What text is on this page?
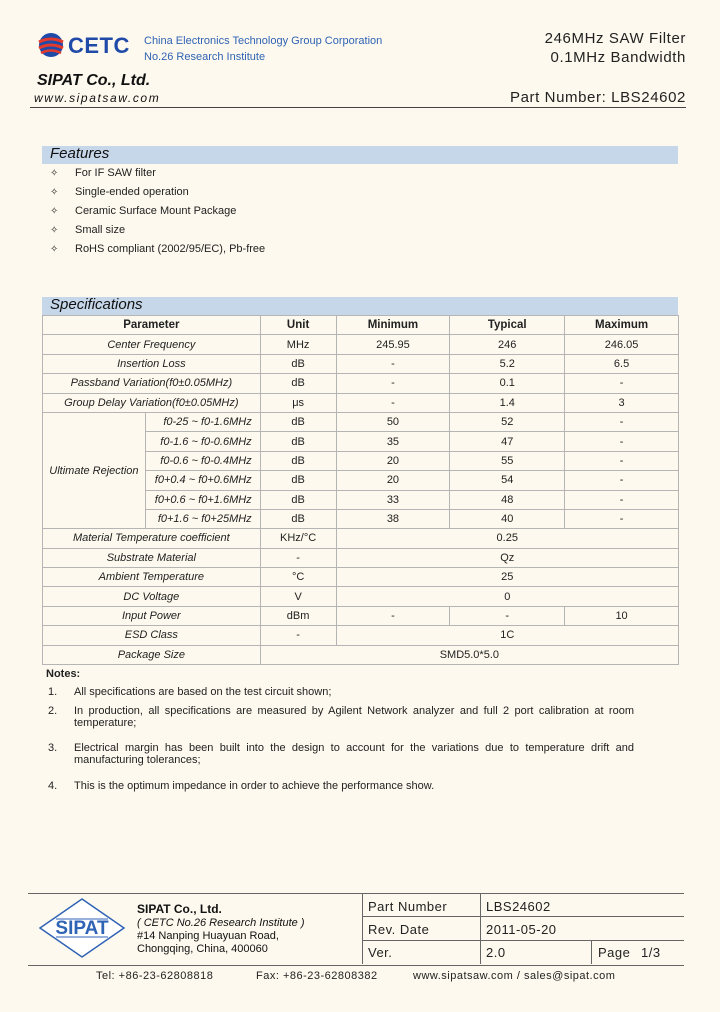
CETC China Electronics Technology Group Corporation
No.26 Research Institute
SIPAT Co., Ltd.
www.sipatsaw.com
246MHz SAW Filter
0.1MHz Bandwidth
Part Number: LBS24602
Features
✧ For IF SAW filter
✧ Single-ended operation
✧ Ceramic Surface Mount Package
✧ Small size
✧ RoHS compliant (2002/95/EC), Pb-free
Specifications
Parameter		Unit	Minimum	Typical	Maximum
Center Frequency		MHz	245.95	246	246.05
Insertion Loss		dB	-	5.2	6.5
Passband Variation(f0±0.05MHz)		dB	-	0.1	-
Group Delay Variation(f0±0.05MHz)		μs	-	1.4	3
Ultimate Rejection	f0-25 ~ f0-1.6MHz	dB	50	52	-
	f0-1.6 ~ f0-0.6MHz	dB	35	47	-
	f0-0.6 ~ f0-0.4MHz	dB	20	55	-
	f0+0.4 ~ f0+0.6MHz	dB	20	54	-
	f0+0.6 ~ f0+1.6MHz	dB	33	48	-
	f0+1.6 ~ f0+25MHz	dB	38	40	-
Material Temperature coefficient		KHz/°C	0.25		
Substrate Material		-	Qz		
Ambient Temperature		°C	25		
DC Voltage		V	0		
Input Power		dBm	-	-	10
ESD Class		-	1C		
Package Size		SMD5.0*5.0			
Notes:
1. All specifications are based on the test circuit shown;
2. In production, all specifications are measured by Agilent Network analyzer and full 2 port calibration at room
temperature;
3. Electrical margin has been built into the design to account for the variations due to temperature drift and
manufacturing tolerances;
4. This is the optimum impedance in order to achieve the performance show.
SIPAT
SIPAT Co., Ltd.
( CETC No.26 Research Institute )
#14 Nanping Huayuan Road,
Chongqing, China, 400060
Part Number	LBS24602
Rev. Date	2011-05-20
Ver.	2.0	Page 1/3
Tel: +86-23-62808818	Fax: +86-23-62808382	www.sipatsaw.com / sales@sipat.com
